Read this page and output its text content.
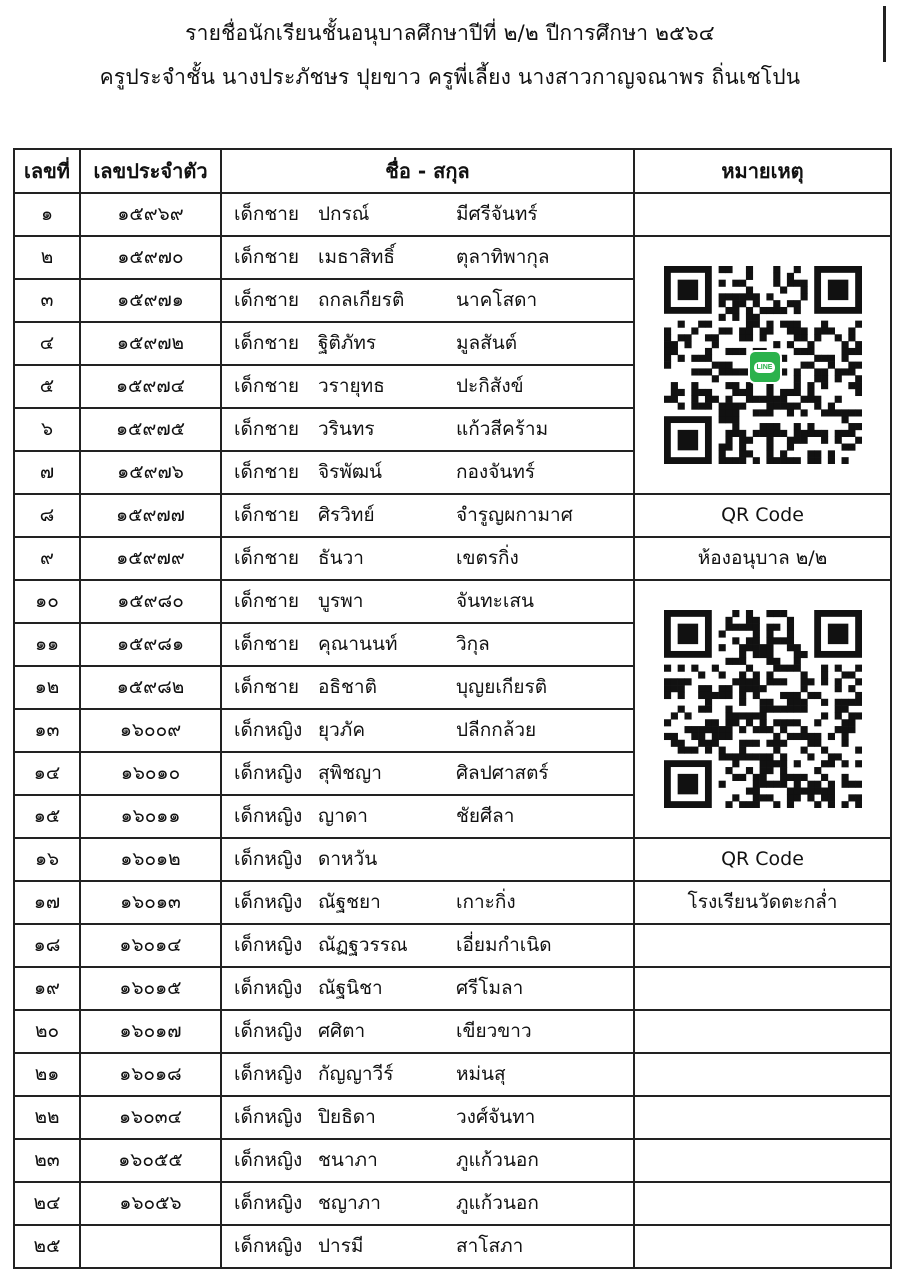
รายชื่อนักเรียนชั้นอนุบาลศึกษาปีที่ ๒/๒ ปีการศึกษา ๒๕๖๔
ครูประจำชั้น นางประภัชษร ปุยขาว ครูพี่เลี้ยง นางสาวกาญจณาพร ถิ่นเชโปน
เลขที่	เลขประจำตัว	ชื่อ - สกุล	หมายเหตุ
๑	๑๕๙๖๙	เด็กชาย ปกรณ์ มีศรีจันทร์	
๒	๑๕๙๗๐	เด็กชาย เมธาสิทธิ์ ตุลาทิพากุล	LINE

๓	๑๕๙๗๑	เด็กชาย ถกลเกียรติ นาคโสดา	
๔	๑๕๙๗๒	เด็กชาย ฐิติภัทร มูลสันต์	
๕	๑๕๙๗๔	เด็กชาย วรายุทธ ปะกิสังข์	
๖	๑๕๙๗๕	เด็กชาย วรินทร แก้วสีคร้าม	
๗	๑๕๙๗๖	เด็กชาย จิรพัฒน์ กองจันทร์	
๘	๑๕๙๗๗	เด็กชาย ศิรวิทย์ จำรูญผกามาศ	QR Code
๙	๑๕๙๗๙	เด็กชาย ธันวา เขตรกิ่ง	ห้องอนุบาล ๒/๒
๑๐	๑๕๙๘๐	เด็กชาย บูรพา จันทะเสน	

๑๑	๑๕๙๘๑	เด็กชาย คุณานนท์ วิกุล	
๑๒	๑๕๙๘๒	เด็กชาย อธิชาติ บุญยเกียรติ	
๑๓	๑๖๐๐๙	เด็กหญิง ยุวภัค ปลีกกล้วย	
๑๔	๑๖๐๑๐	เด็กหญิง สุพิชญา ศิลปศาสตร์	
๑๕	๑๖๐๑๑	เด็กหญิง ญาดา ชัยศีลา	
๑๖	๑๖๐๑๒	เด็กหญิง ดาหวัน	QR Code
๑๗	๑๖๐๑๓	เด็กหญิง ณัฐชยา เกาะกิ่ง	โรงเรียนวัดตะกล่ำ
๑๘	๑๖๐๑๔	เด็กหญิง ณัฏฐวรรณ เอี่ยมกำเนิด	
๑๙	๑๖๐๑๕	เด็กหญิง ณัฐนิชา ศรีโมลา	
๒๐	๑๖๐๑๗	เด็กหญิง ศศิตา เขียวขาว	
๒๑	๑๖๐๑๘	เด็กหญิง กัญญาวีร์ หม่นสุ	
๒๒	๑๖๐๓๔	เด็กหญิง ปิยธิดา วงศ์จันทา	
๒๓	๑๖๐๕๕	เด็กหญิง ชนาภา ภูแก้วนอก	
๒๔	๑๖๐๕๖	เด็กหญิง ชญาภา ภูแก้วนอก	
๒๕		เด็กหญิง ปารมี สาโสภา	
